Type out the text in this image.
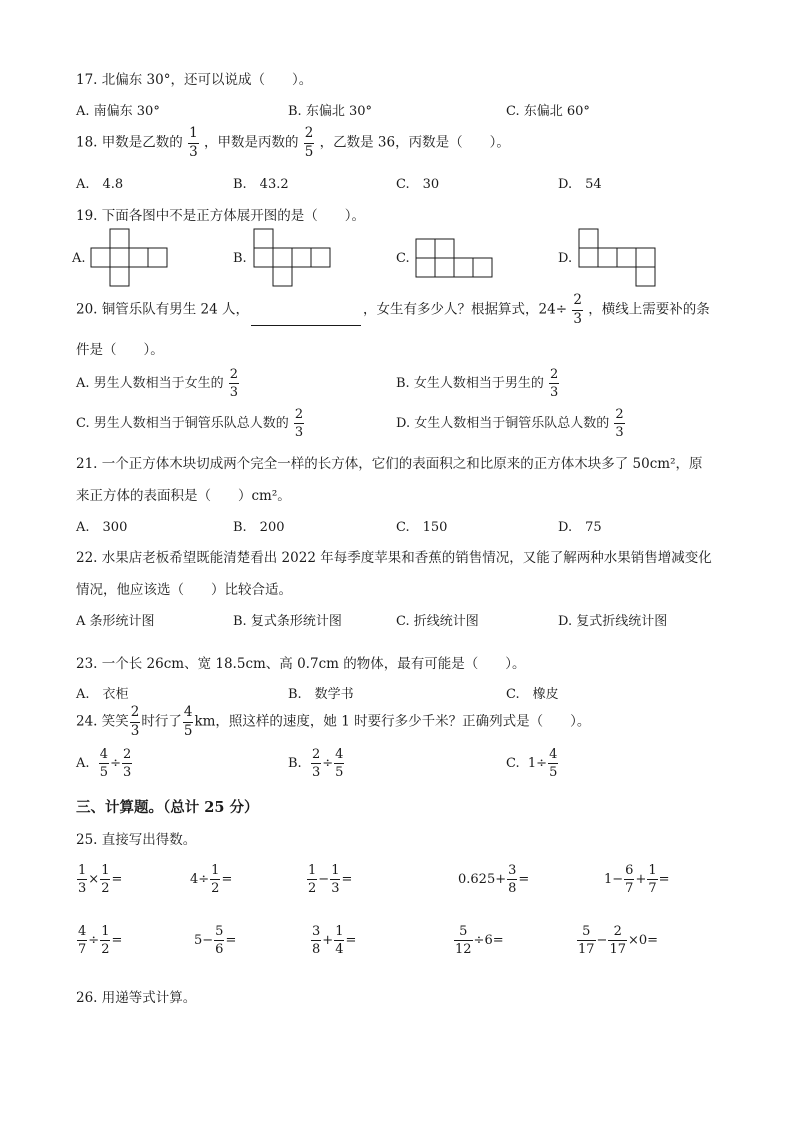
17. 北偏东 30°，还可以说成（　　）。
A. 南偏东 30°	B. 东偏北 30°	C. 东偏北 60°
18. 甲数是乙数的 $\frac{1}{3}$ ，甲数是丙数的 $\frac{2}{5}$ ，乙数是 36，丙数是（　　）。
A.　4.8	B.　43.2	C.　30	D.　54
19. 下面各图中不是正方体展开图的是（　　）。
A.	B.	C.	D.
20. 铜管乐队有男生 24 人，	，女生有多少人？根据算式，$24\div \frac{2}{3}$ ，横线上需要补的条
件是（　　）。
A. 男生人数相当于女生的 $\frac{2}{3}$	B. 女生人数相当于男生的 $\frac{2}{3}$
C. 男生人数相当于铜管乐队总人数的 $\frac{2}{3}$	D. 女生人数相当于铜管乐队总人数的 $\frac{2}{3}$
21. 一个正方体木块切成两个完全一样的长方体，它们的表面积之和比原来的正方体木块多了 50cm²，原
来正方体的表面积是（　　）cm²。
A.　300	B.　200	C.　150	D.　75
22. 水果店老板希望既能清楚看出 2022 年每季度苹果和香蕉的销售情况，又能了解两种水果销售增减变化
情况，他应该选（　　）比较合适。
A 条形统计图	B. 复式条形统计图	C. 折线统计图	D. 复式折线统计图
23. 一个长 26cm、宽 18.5cm、高 0.7cm 的物体，最有可能是（　　）。
A.　衣柜	B.　数学书	C.　橡皮
24. 笑笑 $\frac{2}{3}$ 时行了 $\frac{4}{5}$ km，照这样的速度，她 1 时要行多少千米？正确列式是（　　）。
A. $\frac{4}{5} \div \frac{2}{3}$	B. $\frac{2}{3} \div \frac{4}{5}$	C. $1\div \frac{4}{5}$
三、计算题。（总计 25 分）
25. 直接写出得数。
$\frac{1}{3} \times \frac{1}{2}$ =	$4\div \frac{1}{2}$ =	$\frac{1}{2} - \frac{1}{3}$ =	$0.625+ \frac{3}{8}$ =	$1- \frac{6}{7} + \frac{1}{7}$ =
$\frac{4}{7} \div \frac{1}{2}$ =	$5- \frac{5}{6}$ =	$\frac{3}{8} + \frac{1}{4}$ =	$\frac{5}{12} \div 6=$	$\frac{5}{17} - \frac{2}{17} \times 0=$
26. 用递等式计算。
